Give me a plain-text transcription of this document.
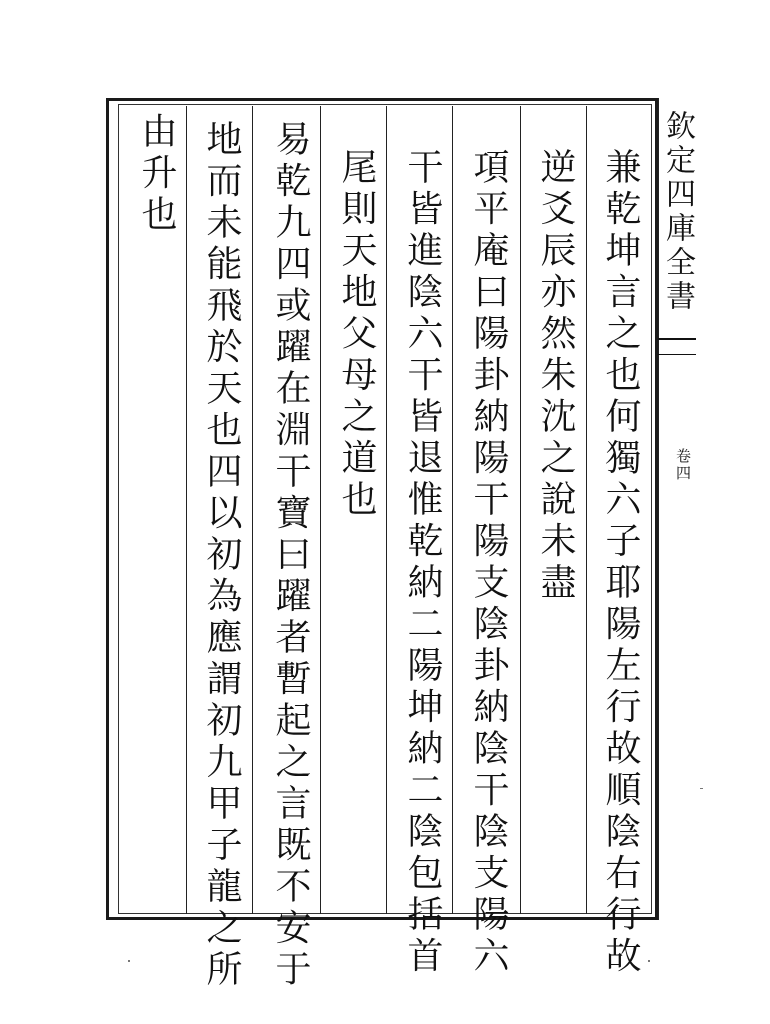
欽定四庫全書
卷四
兼乾坤言之也何獨六子耶陽左行故順陰右行故
逆爻辰亦然朱沈之說未盡
項平庵曰陽卦納陽干陽支陰卦納陰干陰支陽六
干皆進陰六干皆退惟乾納二陽坤納二陰包括首
尾則天地父母之道也
易乾九四或躍在淵干寶曰躍者暫起之言既不安于
地而未能飛於天也四以初為應謂初九甲子龍之所
由升也
